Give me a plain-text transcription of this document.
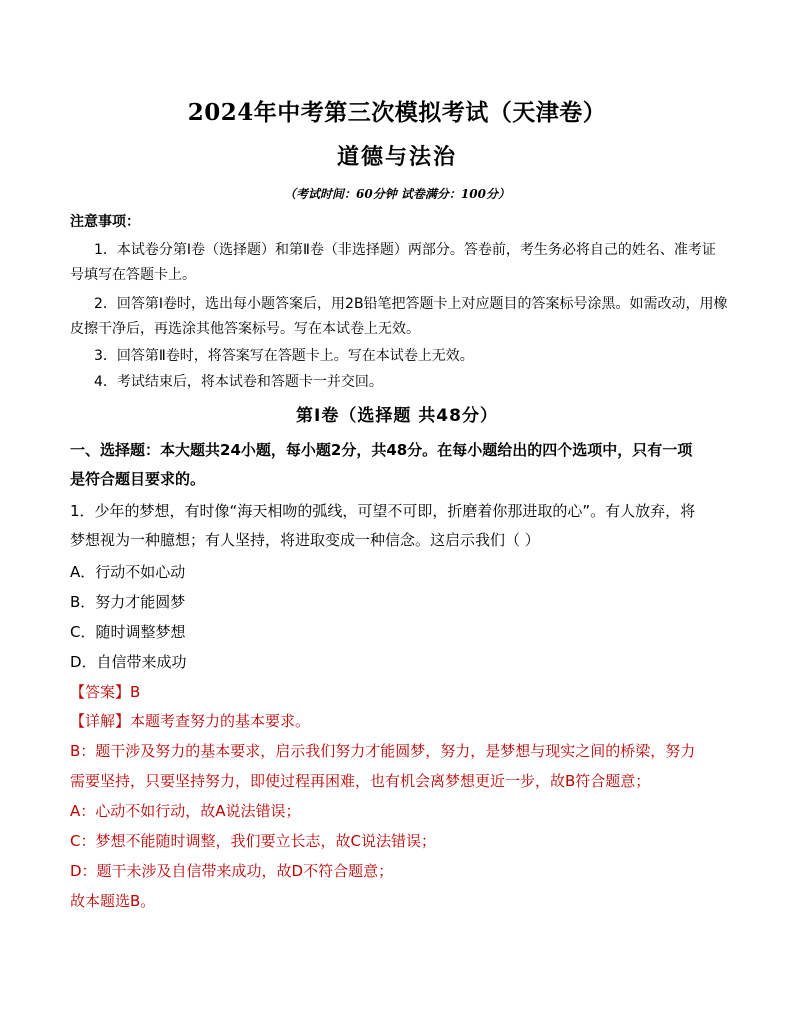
2024年中考第三次模拟考试（天津卷）
道德与法治
（考试时间：60分钟 试卷满分：100分）
注意事项：
1．本试卷分第Ⅰ卷（选择题）和第Ⅱ卷（非选择题）两部分。答卷前，考生务必将自己的姓名、准考证
号填写在答题卡上。
2．回答第Ⅰ卷时，选出每小题答案后，用2B铅笔把答题卡上对应题目的答案标号涂黑。如需改动，用橡
皮擦干净后，再选涂其他答案标号。写在本试卷上无效。
3．回答第Ⅱ卷时，将答案写在答题卡上。写在本试卷上无效。
4．考试结束后，将本试卷和答题卡一并交回。
第Ⅰ卷（选择题 共48分）
一、选择题：本大题共24小题，每小题2分，共48分。在每小题给出的四个选项中，只有一项
是符合题目要求的。
1．少年的梦想，有时像“海天相吻的弧线，可望不可即，折磨着你那进取的心”。有人放弃，将
梦想视为一种臆想；有人坚持，将进取变成一种信念。这启示我们（ ）
A．行动不如心动
B．努力才能圆梦
C．随时调整梦想
D．自信带来成功
【答案】B
【详解】本题考查努力的基本要求。
B：题干涉及努力的基本要求，启示我们努力才能圆梦，努力，是梦想与现实之间的桥梁，努力
需要坚持，只要坚持努力，即使过程再困难，也有机会离梦想更近一步，故B符合题意；
A：心动不如行动，故A说法错误；
C：梦想不能随时调整，我们要立长志，故C说法错误；
D：题干未涉及自信带来成功，故D不符合题意；
故本题选B。
